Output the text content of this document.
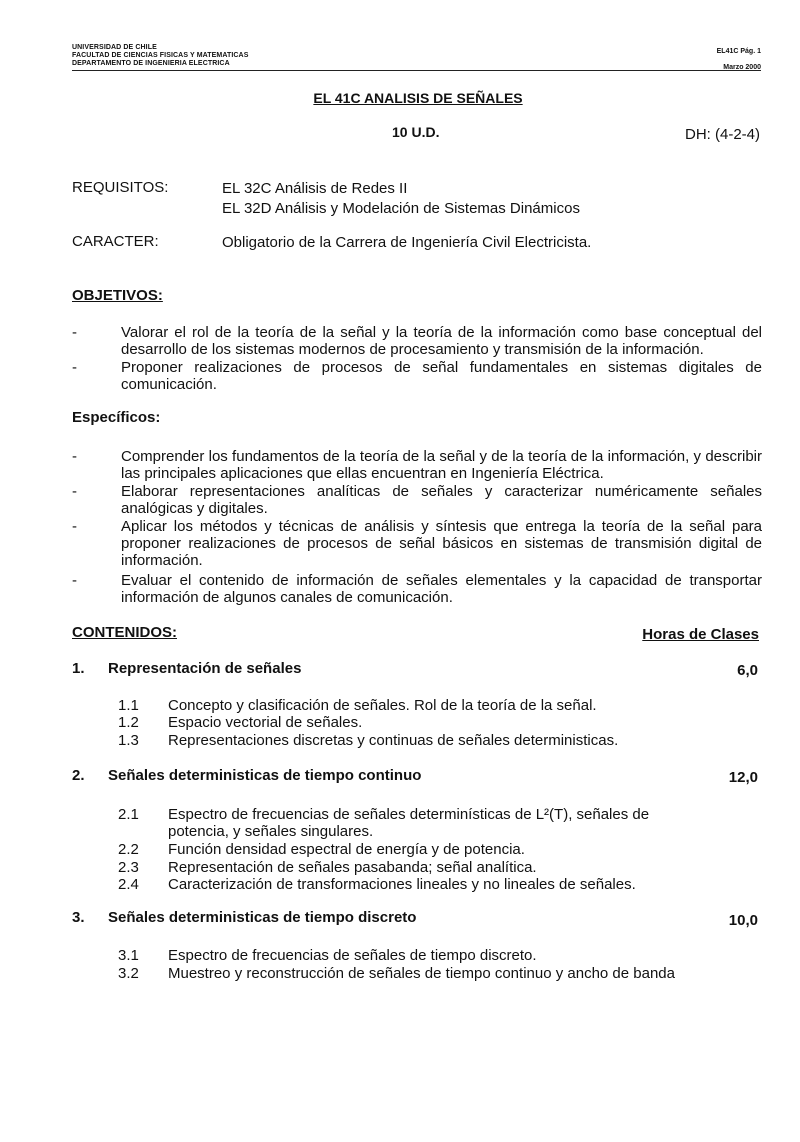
UNIVERSIDAD DE CHILE
FACULTAD DE CIENCIAS FISICAS Y MATEMATICAS
DEPARTAMENTO DE INGENIERIA ELECTRICA
EL41C Pág. 1
Marzo 2000
EL 41C ANALISIS DE SEÑALES
10 U.D.	DH: (4-2-4)
REQUISITOS:	EL 32C Análisis de Redes II
EL 32D Análisis y Modelación de Sistemas Dinámicos
CARACTER:	Obligatorio de la Carrera de Ingeniería Civil Electricista.
OBJETIVOS:
-	Valorar el rol de la teoría de la señal y la teoría de la información como base conceptual del desarrollo de los sistemas modernos de procesamiento y transmisión de la información.
-	Proponer realizaciones de procesos de señal fundamentales en sistemas digitales de comunicación.
Específicos:
-	Comprender los fundamentos de la teoría de la señal y de la teoría de la información, y describir las principales aplicaciones que ellas encuentran en Ingeniería Eléctrica.
-	Elaborar representaciones analíticas de señales y caracterizar numéricamente señales analógicas y digitales.
-	Aplicar los métodos y técnicas de análisis y síntesis que entrega la teoría de la señal para proponer realizaciones de procesos de señal básicos en sistemas de transmisión digital de información.
-	Evaluar el contenido de información de señales elementales y la capacidad de transportar información de algunos canales de comunicación.
CONTENIDOS:	Horas de Clases
1. Representación de señales	6,0
1.1 Concepto y clasificación de señales. Rol de la teoría de la señal.
1.2 Espacio vectorial de señales.
1.3 Representaciones discretas y continuas de señales deterministicas.
2. Señales deterministicas de tiempo continuo	12,0
2.1 Espectro de frecuencias de señales determinísticas de L²(T), señales de potencia, y señales singulares.
2.2 Función densidad espectral de energía y de potencia.
2.3 Representación de señales pasabanda; señal analítica.
2.4 Caracterización de transformaciones lineales y no lineales de señales.
3. Señales deterministicas de tiempo discreto	10,0
3.1 Espectro de frecuencias de señales de tiempo discreto.
3.2 Muestreo y reconstrucción de señales de tiempo continuo y ancho de banda
